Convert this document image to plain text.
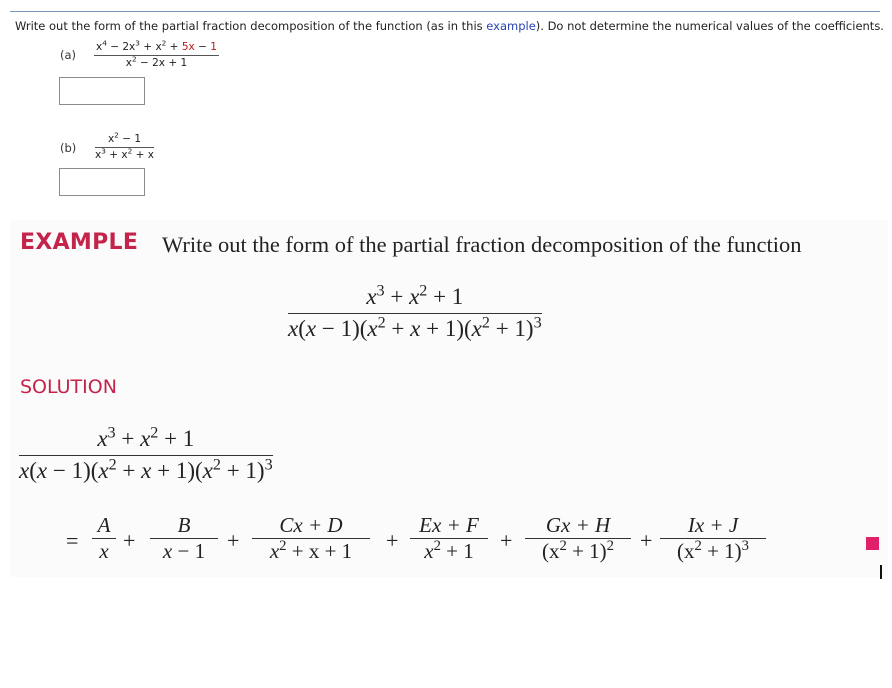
Write out the form of the partial fraction decomposition of the function (as in this example). Do not determine the numerical values of the coefficients.
$(a) \frac{x^4 - 2x^3 + x^2 + 5x - 1}{x^2 - 2x + 1}$
$(b) \frac{x^2 - 1}{x^3 + x^2 + x}$
EXAMPLE Write out the form of the partial fraction decomposition of the function
$\frac{x^3 + x^2 + 1}{x(x - 1)(x^2 + x + 1)(x^2 + 1)^3}$
SOLUTION
$\frac{x^3 + x^2 + 1}{x(x - 1)(x^2 + x + 1)(x^2 + 1)^3}$
= $\frac{A}{x} + \frac{B}{x - 1} + \frac{Cx + D}{x^2 + x + 1} + \frac{Ex + F}{x^2 + 1} + \frac{Gx + H}{(x^2 + 1)^2} + \frac{Ix + J}{(x^2 + 1)^3}$
